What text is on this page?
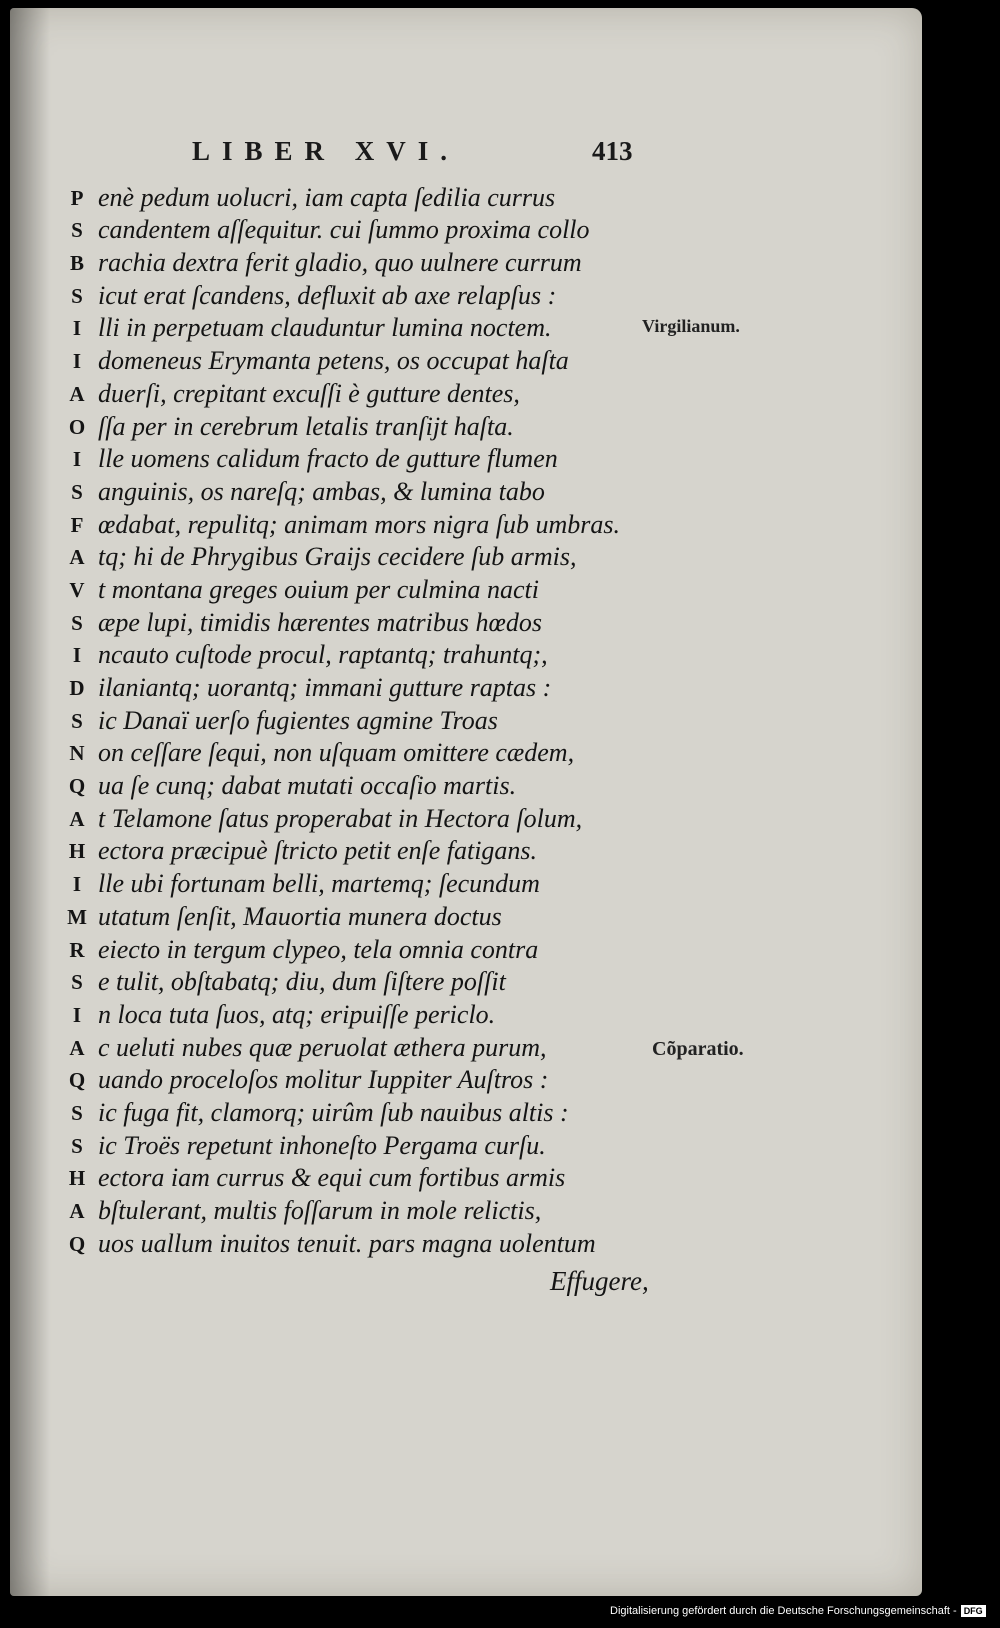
LIBER XVI.	413
P enè pedum uolucri, iam capta ſedilia currus
S candentem aſſequitur. cui ſummo proxima collo
B rachia dextra ferit gladio, quo uulnere currum
S icut erat ſcandens, defluxit ab axe relapſus :
I lli in perpetuam clauduntur lumina noctem.
I domeneus Erymanta petens, os occupat haſta
A duerſi, crepitant excuſſi è gutture dentes,
O ſſa per in cerebrum letalis tranſijt haſta.
I lle uomens calidum fracto de gutture flumen
S anguinis, os nareſq; ambas, & lumina tabo
F œdabat, repulitq; animam mors nigra ſub umbras.
A tq; hi de Phrygibus Graijs cecidere ſub armis,
V t montana greges ouium per culmina nacti
S æpe lupi, timidis hærentes matribus hœdos
I ncauto cuſtode procul, raptantq; trahuntq;,
D ilaniantq; uorantq; immani gutture raptas :
S ic Danaï uerſo fugientes agmine Troas
N on ceſſare ſequi, non uſquam omittere cædem,
Q ua ſe cunq; dabat mutati occaſio martis.
A t Telamone ſatus properabat in Hectora ſolum,
H ectora præcipuè ſtricto petit enſe fatigans.
I lle ubi fortunam belli, martemq; ſecundum
M utatum ſenſit, Mauortia munera doctus
R eiecto in tergum clypeo, tela omnia contra
S e tulit, obſtabatq; diu, dum ſiſtere poſſit
I n loca tuta ſuos, atq; eripuiſſe periclo.
A c ueluti nubes quæ peruolat æthera purum,
Q uando proceloſos molitur Iuppiter Auſtros :
S ic fuga fit, clamorq; uirûm ſub nauibus altis :
S ic Troës repetunt inhoneſto Pergama curſu.
H ectora iam currus & equi cum fortibus armis
A bſtulerant, multis foſſarum in mole relictis,
Q uos uallum inuitos tenuit. pars magna uolentum
Virgilianum.
Cõparatio.
Effugere,
Digitalisierung gefördert durch die Deutsche Forschungsgemeinschaft - DFG
